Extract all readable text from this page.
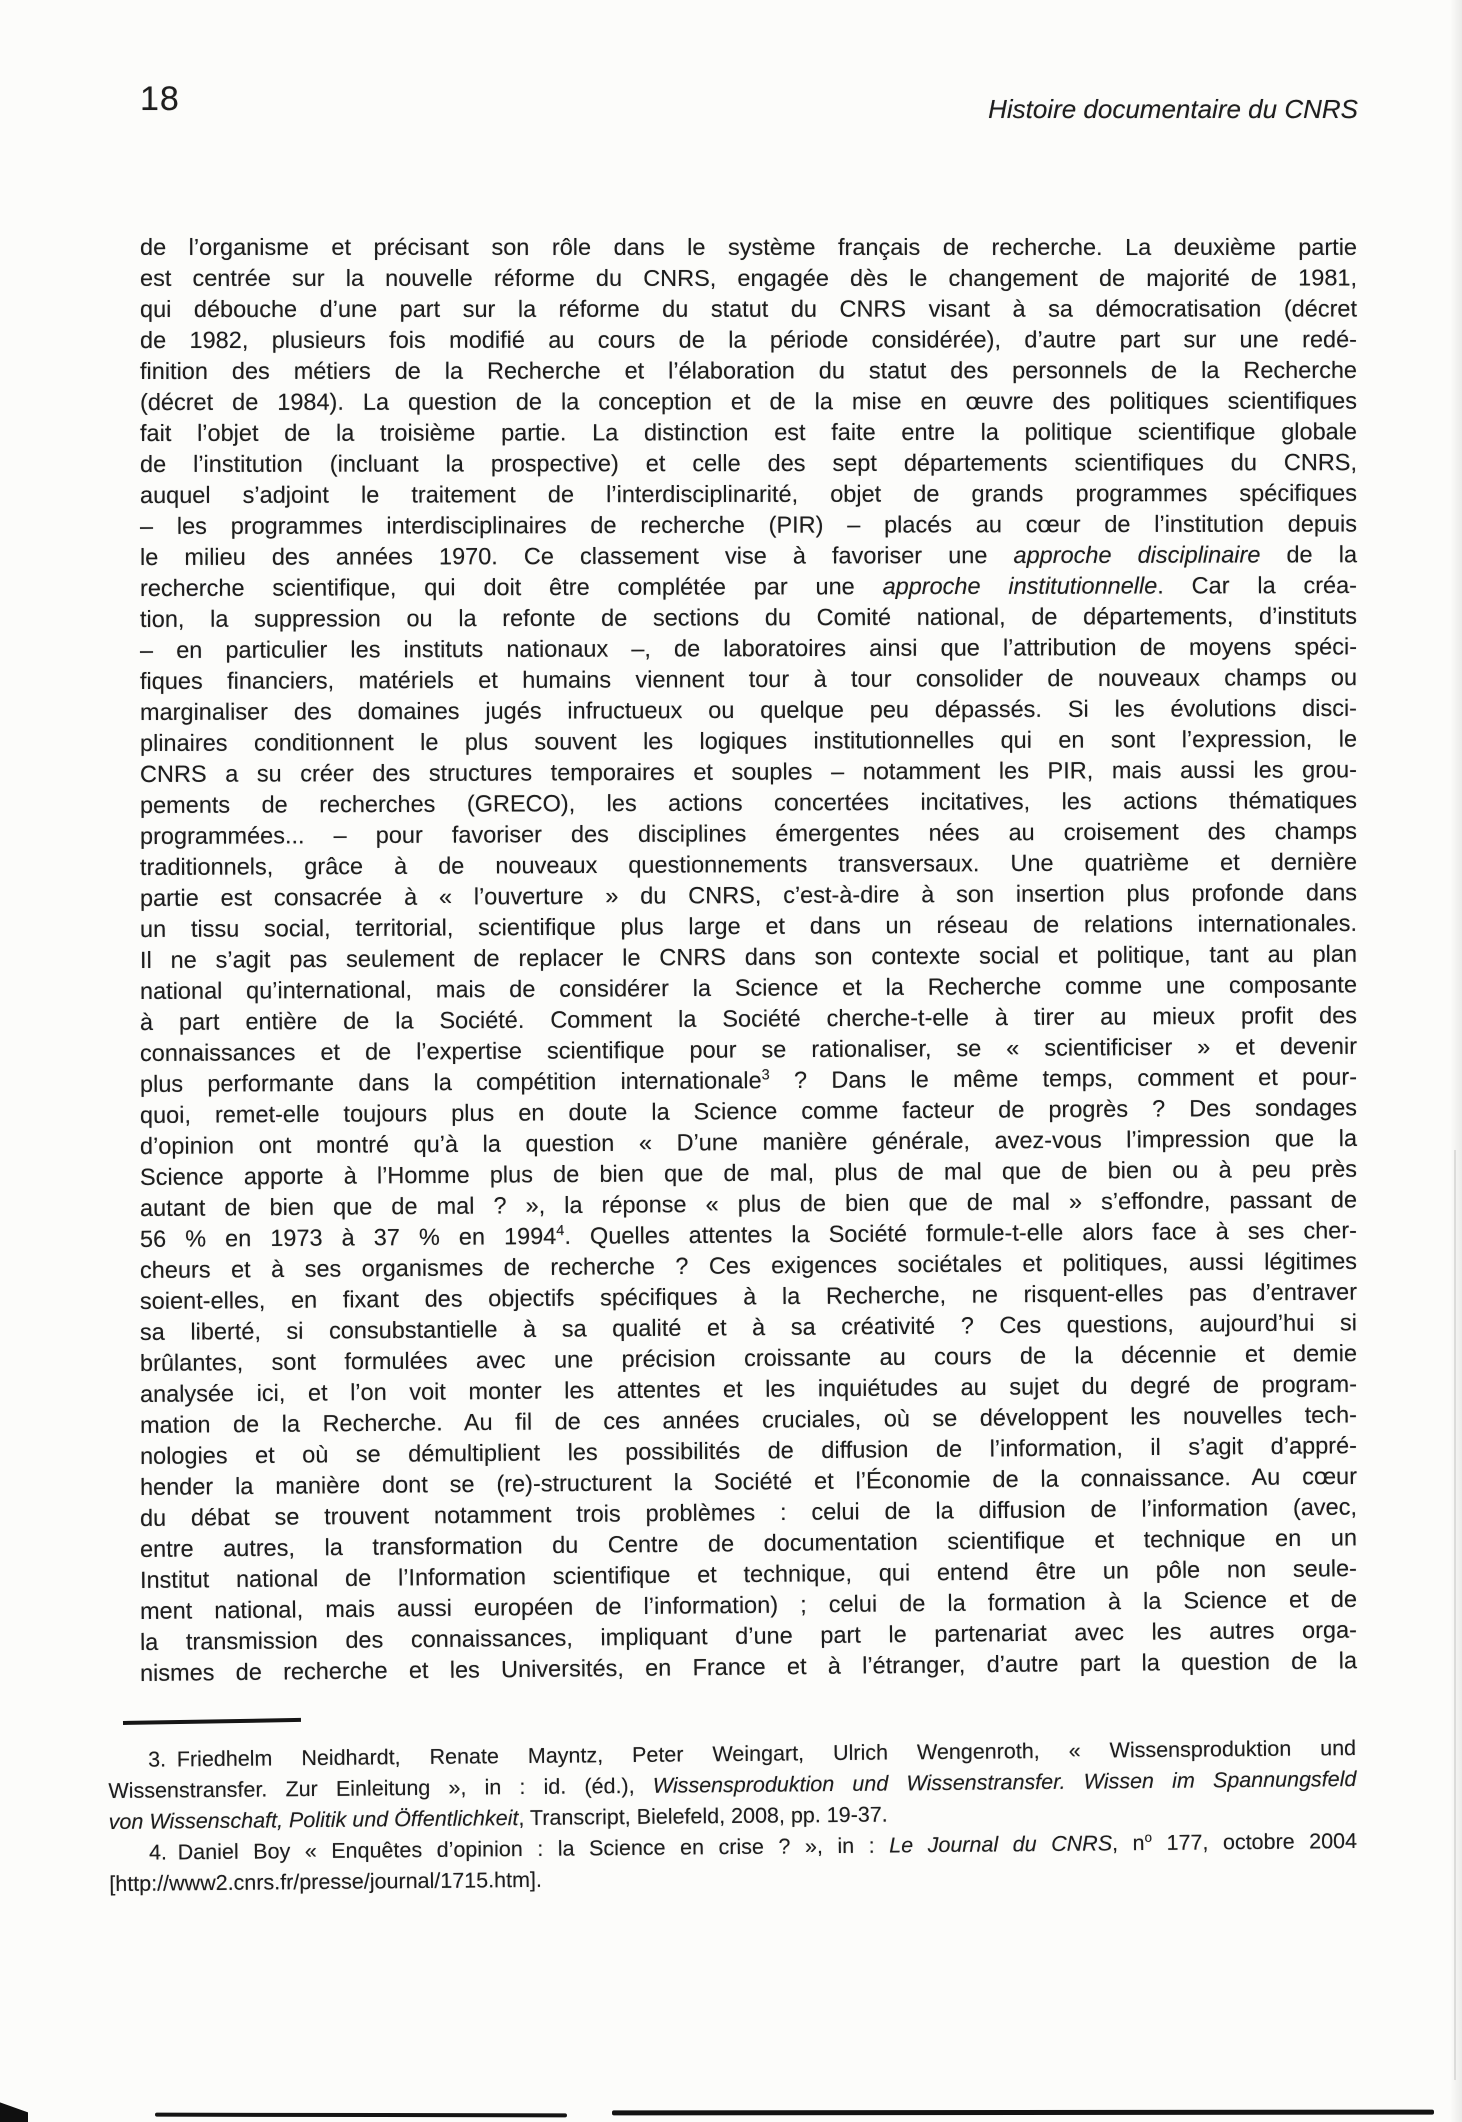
18	Histoire documentaire du CNRS
de l’organisme et précisant son rôle dans le système français de recherche. La deuxième partie
est centrée sur la nouvelle réforme du CNRS, engagée dès le changement de majorité de 1981,
qui débouche d’une part sur la réforme du statut du CNRS visant à sa démocratisation (décret
de 1982, plusieurs fois modifié au cours de la période considérée), d’autre part sur une redé-
finition des métiers de la Recherche et l’élaboration du statut des personnels de la Recherche
(décret de 1984). La question de la conception et de la mise en œuvre des politiques scientifiques
fait l’objet de la troisième partie. La distinction est faite entre la politique scientifique globale
de l’institution (incluant la prospective) et celle des sept départements scientifiques du CNRS,
auquel s’adjoint le traitement de l’interdisciplinarité, objet de grands programmes spécifiques
– les programmes interdisciplinaires de recherche (PIR) – placés au cœur de l’institution depuis
le milieu des années 1970. Ce classement vise à favoriser une approche disciplinaire de la
recherche scientifique, qui doit être complétée par une approche institutionnelle. Car la créa-
tion, la suppression ou la refonte de sections du Comité national, de départements, d’instituts
– en particulier les instituts nationaux –, de laboratoires ainsi que l’attribution de moyens spéci-
fiques financiers, matériels et humains viennent tour à tour consolider de nouveaux champs ou
marginaliser des domaines jugés infructueux ou quelque peu dépassés. Si les évolutions disci-
plinaires conditionnent le plus souvent les logiques institutionnelles qui en sont l’expression, le
CNRS a su créer des structures temporaires et souples – notamment les PIR, mais aussi les grou-
pements de recherches (GRECO), les actions concertées incitatives, les actions thématiques
programmées... – pour favoriser des disciplines émergentes nées au croisement des champs
traditionnels, grâce à de nouveaux questionnements transversaux. Une quatrième et dernière
partie est consacrée à « l’ouverture » du CNRS, c’est-à-dire à son insertion plus profonde dans
un tissu social, territorial, scientifique plus large et dans un réseau de relations internationales.
Il ne s’agit pas seulement de replacer le CNRS dans son contexte social et politique, tant au plan
national qu’international, mais de considérer la Science et la Recherche comme une composante
à part entière de la Société. Comment la Société cherche-t-elle à tirer au mieux profit des
connaissances et de l’expertise scientifique pour se rationaliser, se « scientificiser » et devenir
plus performante dans la compétition internationale$^3$ ? Dans le même temps, comment et pour-
quoi, remet-elle toujours plus en doute la Science comme facteur de progrès ? Des sondages
d’opinion ont montré qu’à la question « D’une manière générale, avez-vous l’impression que la
Science apporte à l’Homme plus de bien que de mal, plus de mal que de bien ou à peu près
autant de bien que de mal ? », la réponse « plus de bien que de mal » s’effondre, passant de
56 % en 1973 à 37 % en 1994$^4$. Quelles attentes la Société formule-t-elle alors face à ses cher-
cheurs et à ses organismes de recherche ? Ces exigences sociétales et politiques, aussi légitimes
soient-elles, en fixant des objectifs spécifiques à la Recherche, ne risquent-elles pas d’entraver
sa liberté, si consubstantielle à sa qualité et à sa créativité ? Ces questions, aujourd’hui si
brûlantes, sont formulées avec une précision croissante au cours de la décennie et demie
analysée ici, et l’on voit monter les attentes et les inquiétudes au sujet du degré de program-
mation de la Recherche. Au fil de ces années cruciales, où se développent les nouvelles tech-
nologies et où se démultiplient les possibilités de diffusion de l’information, il s’agit d’appré-
hender la manière dont se (re)-structurent la Société et l’Économie de la connaissance. Au cœur
du débat se trouvent notamment trois problèmes : celui de la diffusion de l’information (avec,
entre autres, la transformation du Centre de documentation scientifique et technique en un
Institut national de l’Information scientifique et technique, qui entend être un pôle non seule-
ment national, mais aussi européen de l’information) ; celui de la formation à la Science et de
la transmission des connaissances, impliquant d’une part le partenariat avec les autres orga-
nismes de recherche et les Universités, en France et à l’étranger, d’autre part la question de la
3. Friedhelm Neidhardt, Renate Mayntz, Peter Weingart, Ulrich Wengenroth, « Wissensproduktion und
Wissenstransfer. Zur Einleitung », in : id. (éd.), Wissensproduktion und Wissenstransfer. Wissen im Spannungsfeld
von Wissenschaft, Politik und Öffentlichkeit, Transcript, Bielefeld, 2008, pp. 19-37.
4. Daniel Boy « Enquêtes d’opinion : la Science en crise ? », in : Le Journal du CNRS, $n^o$ 177, octobre 2004
[http://www2.cnrs.fr/presse/journal/1715.htm].
